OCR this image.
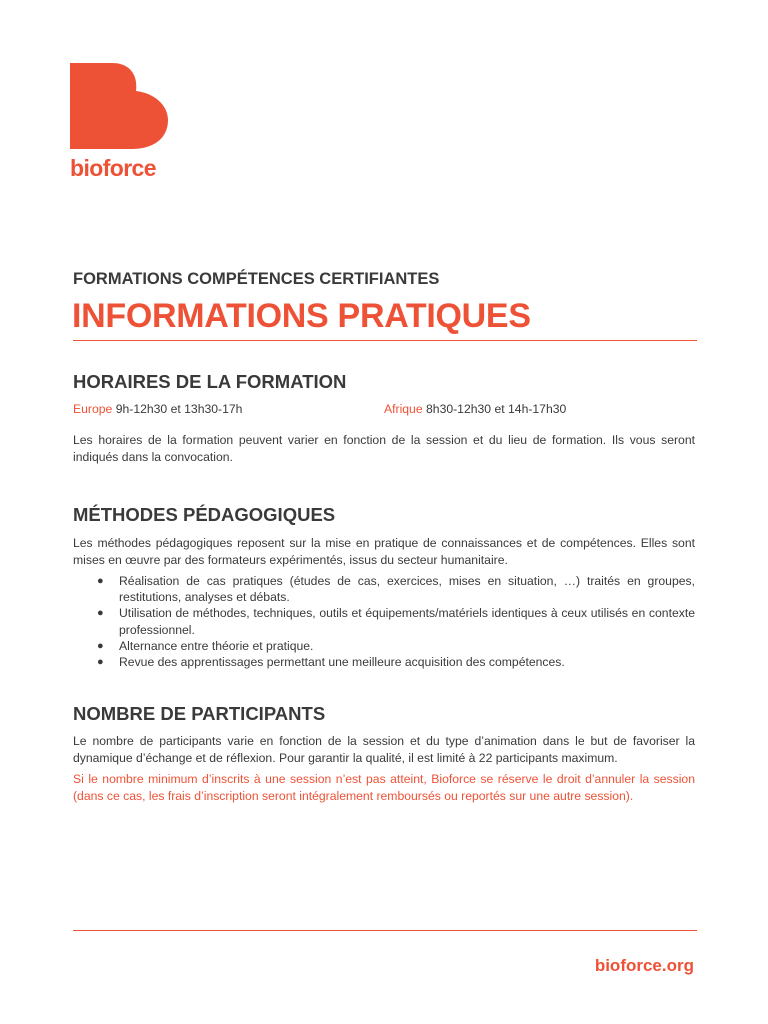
bioforce
FORMATIONS COMPÉTENCES CERTIFIANTES
INFORMATIONS PRATIQUES
HORAIRES DE LA FORMATION
Europe 9h-12h30 et 13h30-17h	Afrique 8h30-12h30 et 14h-17h30
Les horaires de la formation peuvent varier en fonction de la session et du lieu de formation. Ils vous seront indiqués dans la convocation.
MÉTHODES PÉDAGOGIQUES
Les méthodes pédagogiques reposent sur la mise en pratique de connaissances et de compétences. Elles sont mises en œuvre par des formateurs expérimentés, issus du secteur humanitaire.
● Réalisation de cas pratiques (études de cas, exercices, mises en situation, …) traités en groupes, restitutions, analyses et débats.
● Utilisation de méthodes, techniques, outils et équipements/matériels identiques à ceux utilisés en contexte professionnel.
● Alternance entre théorie et pratique.
● Revue des apprentissages permettant une meilleure acquisition des compétences.
NOMBRE DE PARTICIPANTS
Le nombre de participants varie en fonction de la session et du type d’animation dans le but de favoriser la dynamique d’échange et de réflexion. Pour garantir la qualité, il est limité à 22 participants maximum.
Si le nombre minimum d’inscrits à une session n’est pas atteint, Bioforce se réserve le droit d’annuler la session (dans ce cas, les frais d’inscription seront intégralement remboursés ou reportés sur une autre session).
bioforce.org
